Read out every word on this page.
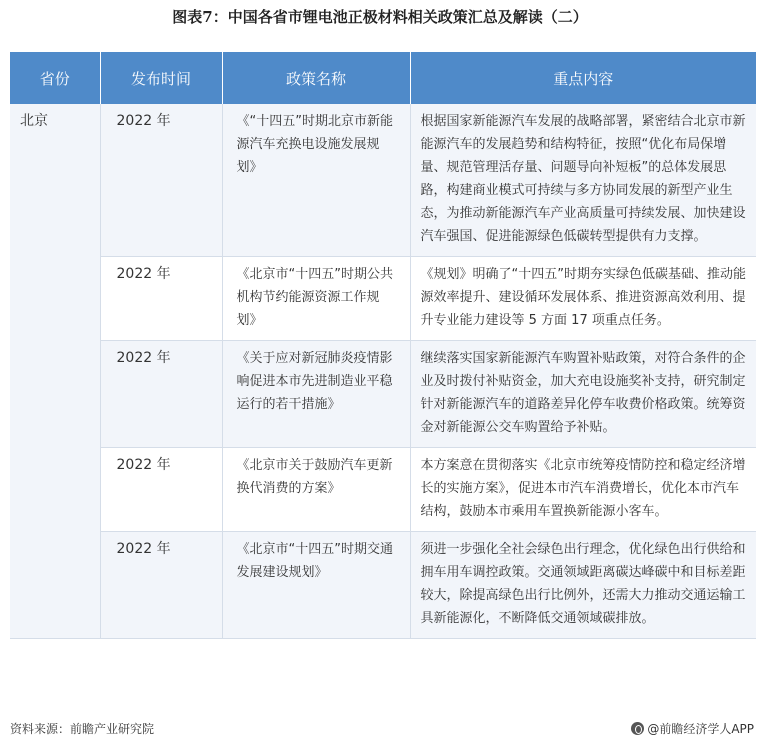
图表7：中国各省市锂电池正极材料相关政策汇总及解读（二）
省份	发布时间	政策名称	重点内容
北京	2022 年	《“十四五”时期北京市新能源汽车充换电设施发展规划》	根据国家新能源汽车发展的战略部署，紧密结合北京市新能源汽车的发展趋势和结构特征，按照“优化布局保增量、规范管理活存量、问题导向补短板”的总体发展思路，构建商业模式可持续与多方协同发展的新型产业生态，为推动新能源汽车产业高质量可持续发展、加快建设汽车强国、促进能源绿色低碳转型提供有力支撑。
	2022 年	《北京市“十四五”时期公共机构节约能源资源工作规划》	《规划》明确了“十四五”时期夯实绿色低碳基础、推动能源效率提升、建设循环发展体系、推进资源高效利用、提升专业能力建设等 5 方面 17 项重点任务。
	2022 年	《关于应对新冠肺炎疫情影响促进本市先进制造业平稳运行的若干措施》	继续落实国家新能源汽车购置补贴政策，对符合条件的企业及时拨付补贴资金，加大充电设施奖补支持，研究制定针对新能源汽车的道路差异化停车收费价格政策。统筹资金对新能源公交车购置给予补贴。
	2022 年	《北京市关于鼓励汽车更新换代消费的方案》	本方案意在贯彻落实《北京市统筹疫情防控和稳定经济增长的实施方案》，促进本市汽车消费增长，优化本市汽车结构，鼓励本市乘用车置换新能源小客车。
	2022 年	《北京市“十四五”时期交通发展建设规划》	须进一步强化全社会绿色出行理念，优化绿色出行供给和拥车用车调控政策。交通领域距离碳达峰碳中和目标差距较大，除提高绿色出行比例外，还需大力推动交通运输工具新能源化，不断降低交通领域碳排放。
资料来源：前瞻产业研究院	@前瞻经济学人APP
